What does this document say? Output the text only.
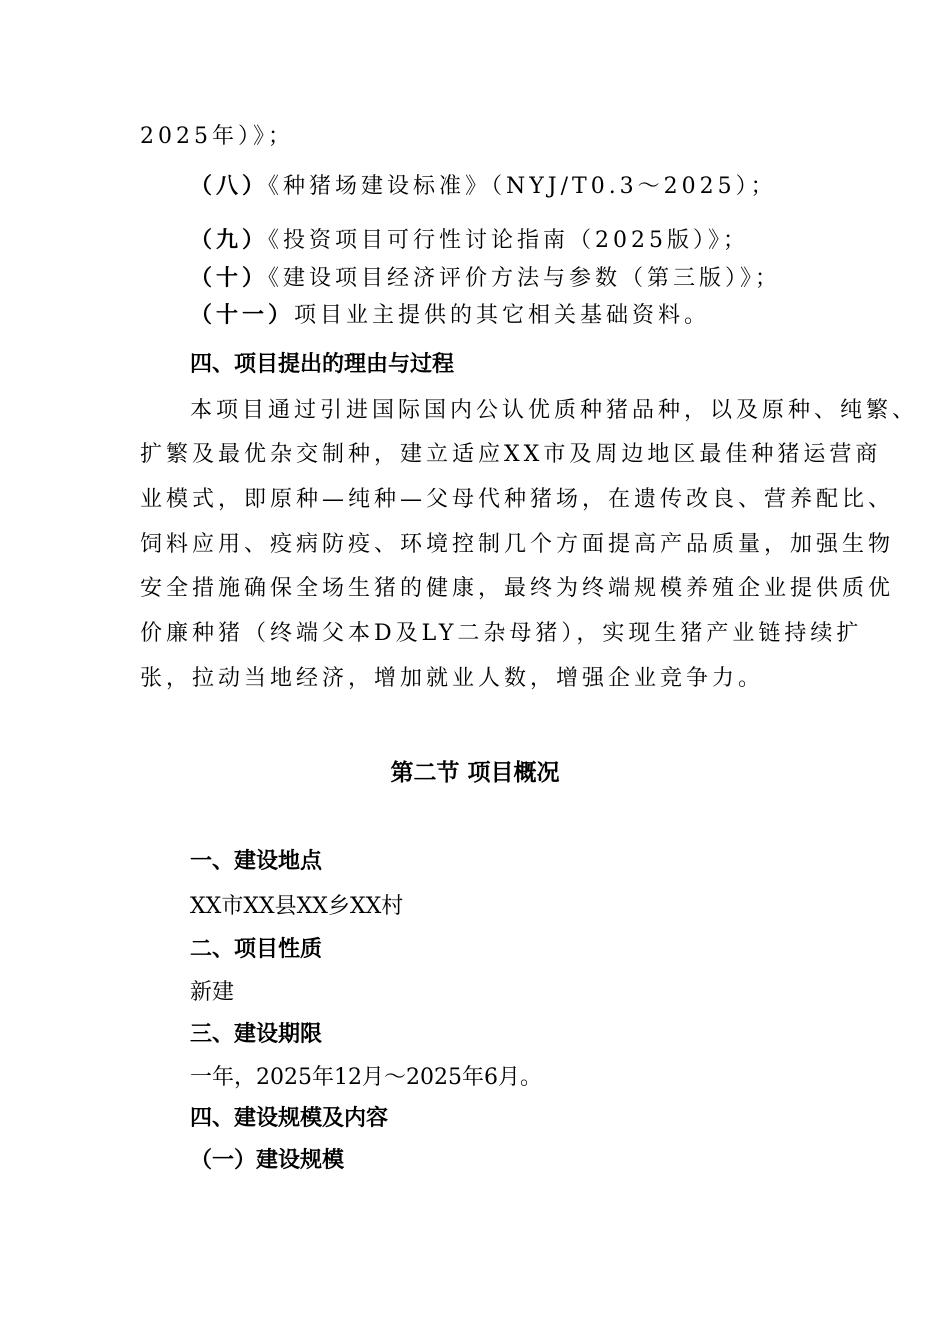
2025年）》；
（八）《种猪场建设标准》（NYJ/T0.3～2025）；
（九）《投资项目可行性讨论指南（2025版）》；
（十）《建设项目经济评价方法与参数（第三版）》；
（十一）项目业主提供的其它相关基础资料。
四、项目提出的理由与过程
本项目通过引进国际国内公认优质种猪品种，以及原种、纯繁、
扩繁及最优杂交制种，建立适应XX市及周边地区最佳种猪运营商
业模式，即原种—纯种—父母代种猪场，在遗传改良、营养配比、
饲料应用、疫病防疫、环境控制几个方面提高产品质量，加强生物
安全措施确保全场生猪的健康，最终为终端规模养殖企业提供质优
价廉种猪（终端父本D及LY二杂母猪），实现生猪产业链持续扩
张，拉动当地经济，增加就业人数，增强企业竞争力。
第二节 项目概况
一、建设地点
XX市XX县XX乡XX村
二、项目性质
新建
三、建设期限
一年，2025年12月～2025年6月。
四、建设规模及内容
（一）建设规模
